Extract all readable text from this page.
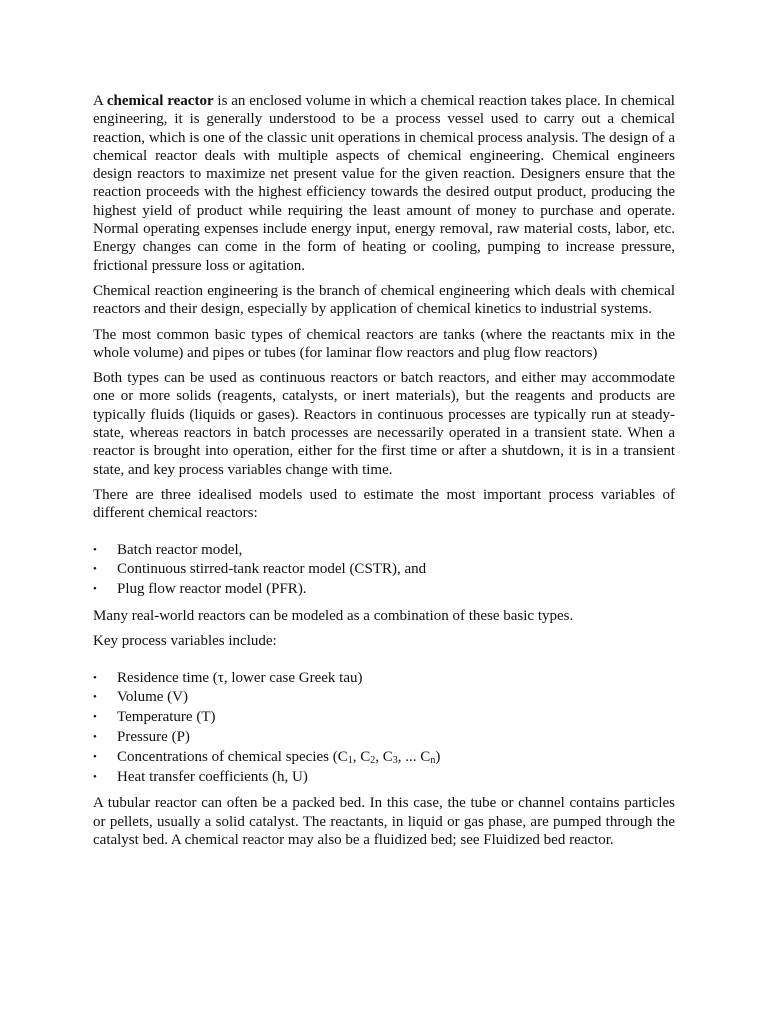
A chemical reactor is an enclosed volume in which a chemical reaction takes place. In chemical engineering, it is generally understood to be a process vessel used to carry out a chemical reaction, which is one of the classic unit operations in chemical process analysis. The design of a chemical reactor deals with multiple aspects of chemical engineering. Chemical engineers design reactors to maximize net present value for the given reaction. Designers ensure that the reaction proceeds with the highest efficiency towards the desired output product, producing the highest yield of product while requiring the least amount of money to purchase and operate. Normal operating expenses include energy input, energy removal, raw material costs, labor, etc. Energy changes can come in the form of heating or cooling, pumping to increase pressure, frictional pressure loss or agitation.

Chemical reaction engineering is the branch of chemical engineering which deals with chemical reactors and their design, especially by application of chemical kinetics to industrial systems.

The most common basic types of chemical reactors are tanks (where the reactants mix in the whole volume) and pipes or tubes (for laminar flow reactors and plug flow reactors)

Both types can be used as continuous reactors or batch reactors, and either may accommodate one or more solids (reagents, catalysts, or inert materials), but the reagents and products are typically fluids (liquids or gases). Reactors in continuous processes are typically run at steady-state, whereas reactors in batch processes are necessarily operated in a transient state. When a reactor is brought into operation, either for the first time or after a shutdown, it is in a transient state, and key process variables change with time.

There are three idealised models used to estimate the most important process variables of different chemical reactors:

•	Batch reactor model,
•	Continuous stirred-tank reactor model (CSTR), and
•	Plug flow reactor model (PFR).

Many real-world reactors can be modeled as a combination of these basic types.

Key process variables include:

•	Residence time (τ, lower case Greek tau)
•	Volume (V)
•	Temperature (T)
•	Pressure (P)
•	Concentrations of chemical species ($C_1$, $C_2$, $C_3$, ... $C_n$)
•	Heat transfer coefficients (h, U)

A tubular reactor can often be a packed bed. In this case, the tube or channel contains particles or pellets, usually a solid catalyst. The reactants, in liquid or gas phase, are pumped through the catalyst bed. A chemical reactor may also be a fluidized bed; see Fluidized bed reactor.
